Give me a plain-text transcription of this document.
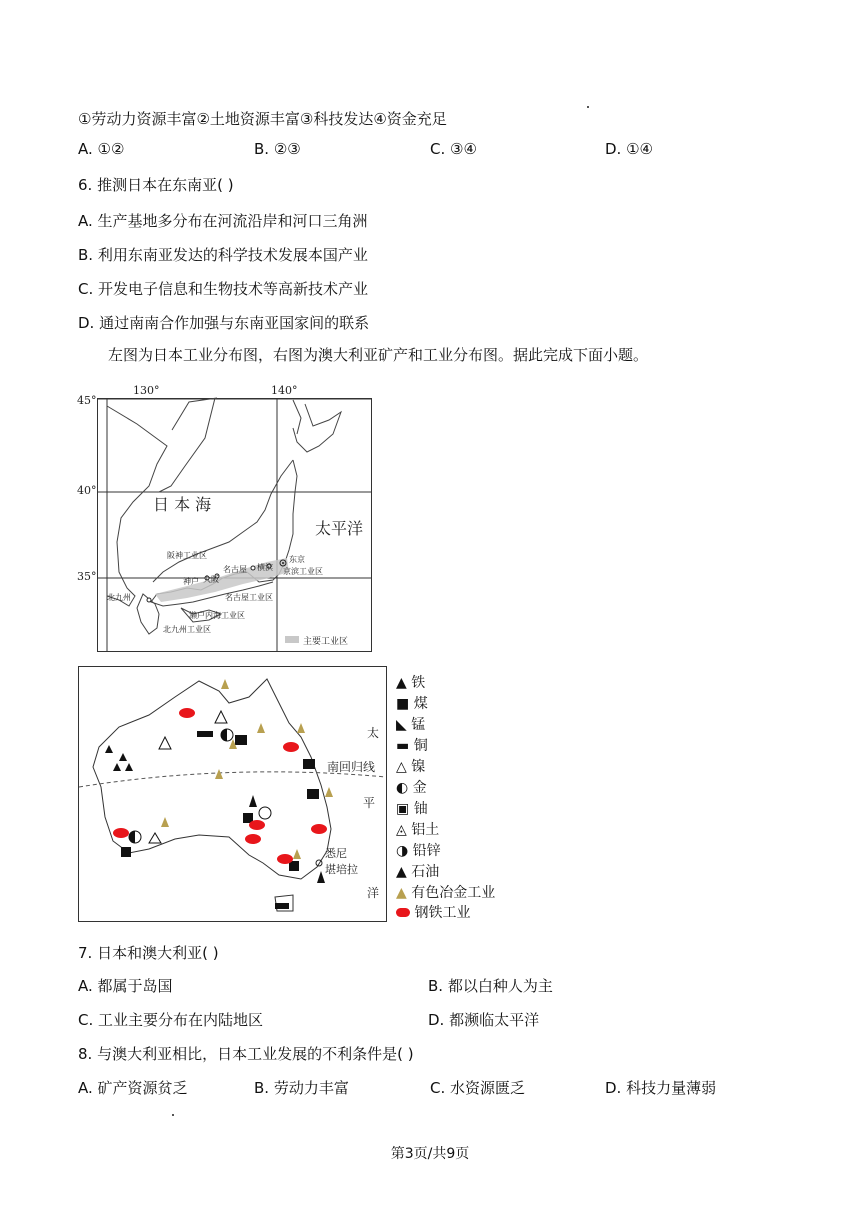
①劳动力资源丰富②土地资源丰富③科技发达④资金充足
A. ①②	B. ②③	C. ③④	D. ①④
6. 推测日本在东南亚( )
A. 生产基地多分布在河流沿岸和河口三角洲
B. 利用东南亚发达的科学技术发展本国产业
C. 开发电子信息和生物技术等高新技术产业
D. 通过南南合作加强与东南亚国家间的联系
左图为日本工业分布图，右图为澳大利亚矿产和工业分布图。据此完成下面小题。
130°	140°
45°
40°
35°
日 本 海
太平洋
阪神工业区
神户 大阪
名古屋 横滨
东京
京滨工业区
名古屋工业区
北九州
濑户内海工业区
北九州工业区
主要工业区
太
平
洋
南回归线
悉尼
堪培拉
▲ 铁
■ 煤
◣ 锰
▬ 铜
△ 镍
◐ 金
▣ 铀
◬ 铝土
◑ 铅锌
▲ 石油
▲ 有色冶金工业
钢铁工业
7. 日本和澳大利亚( )
A. 都属于岛国	B. 都以白种人为主
C. 工业主要分布在内陆地区	D. 都濒临太平洋
8. 与澳大利亚相比，日本工业发展的不利条件是( )
A. 矿产资源贫乏	B. 劳动力丰富	C. 水资源匮乏	D. 科技力量薄弱
第3页/共9页
